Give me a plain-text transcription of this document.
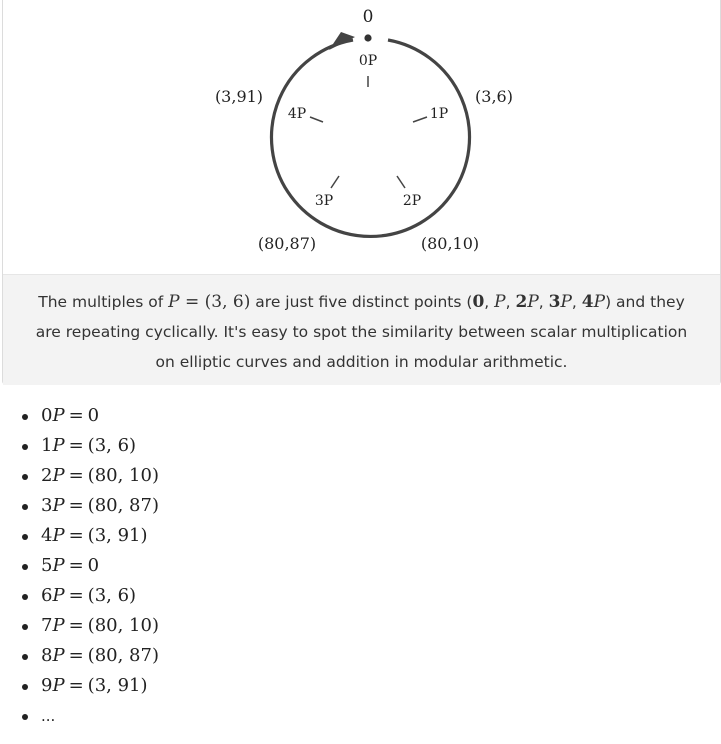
0
0P
1P
2P
3P
4P
(3,6)
(80,10)
(80,87)
(3,91)

The multiples of P = (3, 6) are just five distinct points (0, P, 2P, 3P, 4P) and they are repeating cyclically. It's easy to spot the similarity between scalar multiplication on elliptic curves and addition in modular arithmetic.

0P = 0
1P = (3, 6)
2P = (80, 10)
3P = (80, 87)
4P = (3, 91)
5P = 0
6P = (3, 6)
7P = (80, 10)
8P = (80, 87)
9P = (3, 91)
...
